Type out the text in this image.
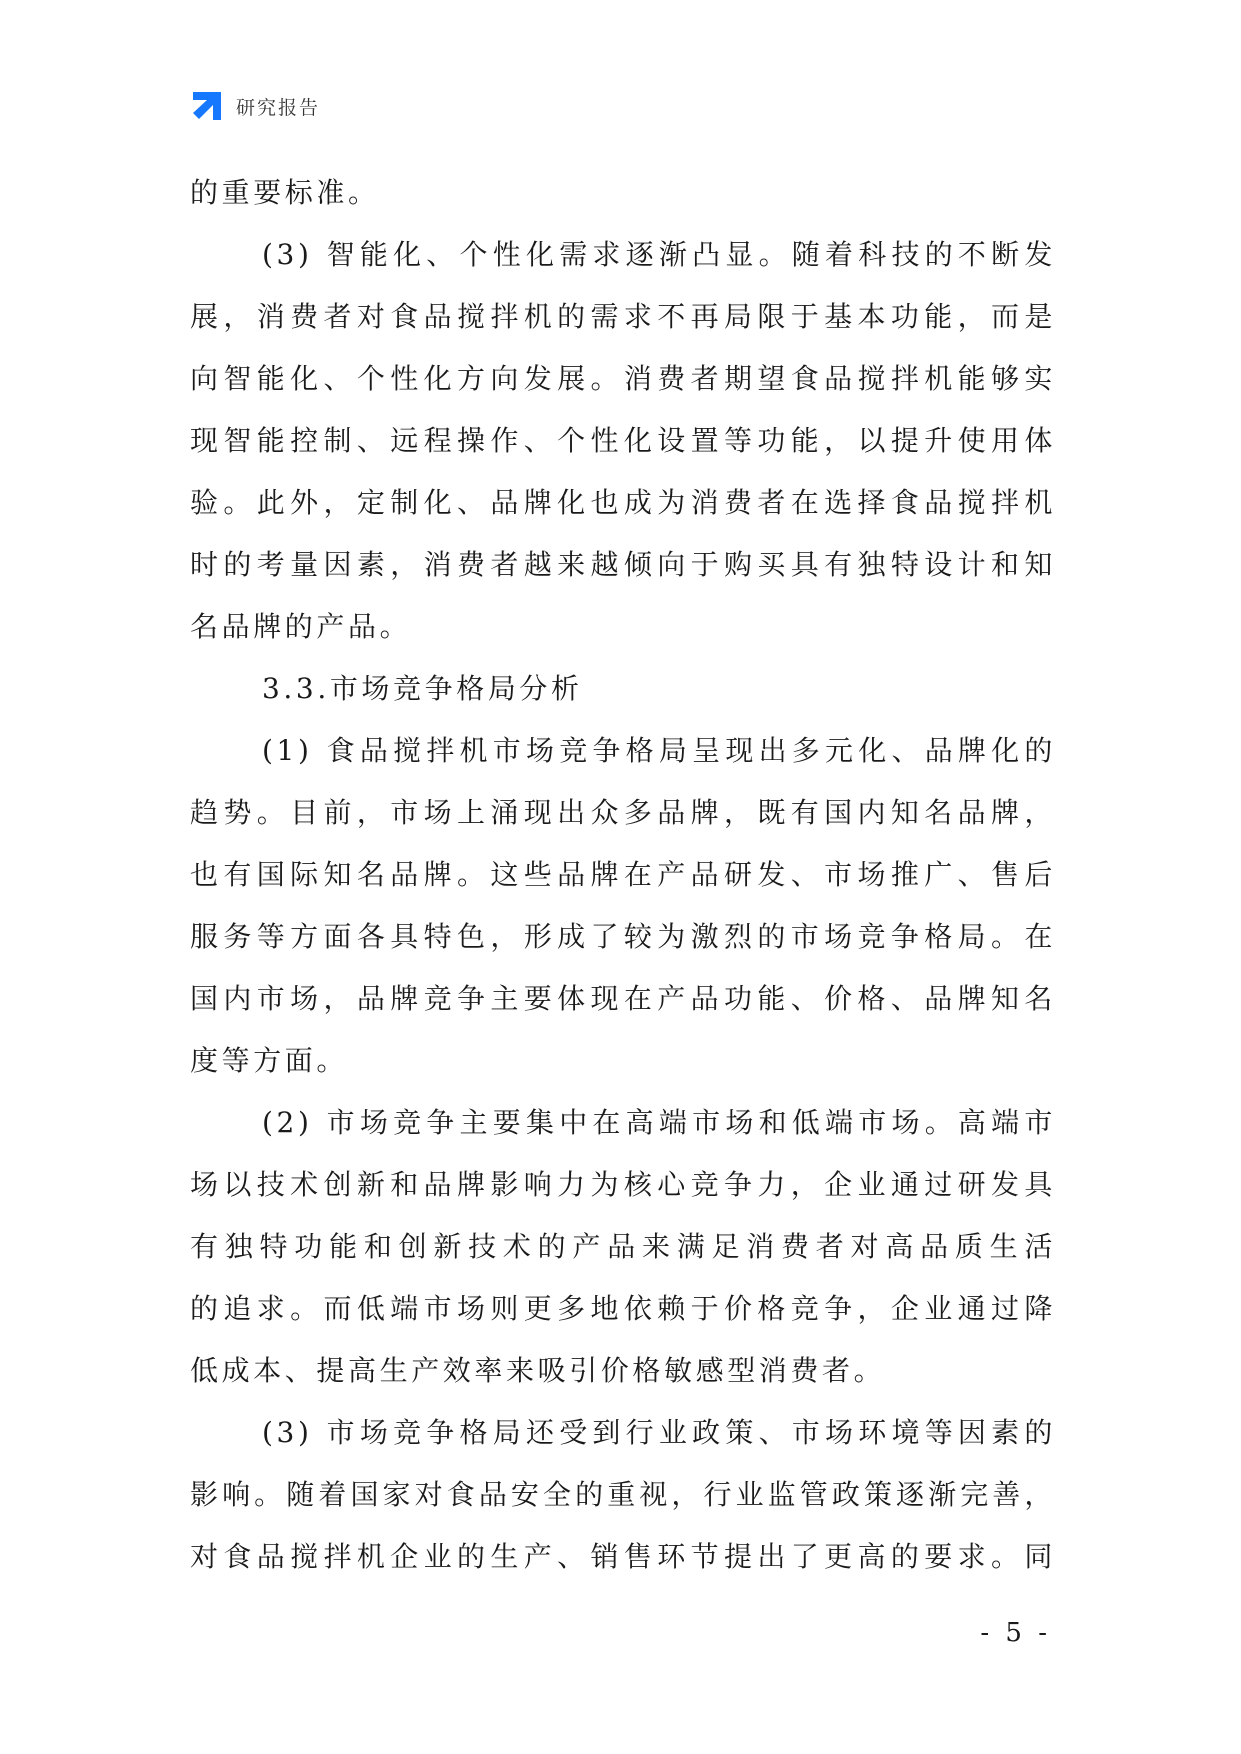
研究报告
的重要标准。
(3) 智能化、个性化需求逐渐凸显。随着科技的不断发
展，消费者对食品搅拌机的需求不再局限于基本功能，而是
向智能化、个性化方向发展。消费者期望食品搅拌机能够实
现智能控制、远程操作、个性化设置等功能，以提升使用体
验。此外，定制化、品牌化也成为消费者在选择食品搅拌机
时的考量因素，消费者越来越倾向于购买具有独特设计和知
名品牌的产品。
3.3.市场竞争格局分析
(1) 食品搅拌机市场竞争格局呈现出多元化、品牌化的
趋势。目前，市场上涌现出众多品牌，既有国内知名品牌，
也有国际知名品牌。这些品牌在产品研发、市场推广、售后
服务等方面各具特色，形成了较为激烈的市场竞争格局。在
国内市场，品牌竞争主要体现在产品功能、价格、品牌知名
度等方面。
(2) 市场竞争主要集中在高端市场和低端市场。高端市
场以技术创新和品牌影响力为核心竞争力，企业通过研发具
有独特功能和创新技术的产品来满足消费者对高品质生活
的追求。而低端市场则更多地依赖于价格竞争，企业通过降
低成本、提高生产效率来吸引价格敏感型消费者。
(3) 市场竞争格局还受到行业政策、市场环境等因素的
影响。随着国家对食品安全的重视，行业监管政策逐渐完善，
对食品搅拌机企业的生产、销售环节提出了更高的要求。同
- 5 -
